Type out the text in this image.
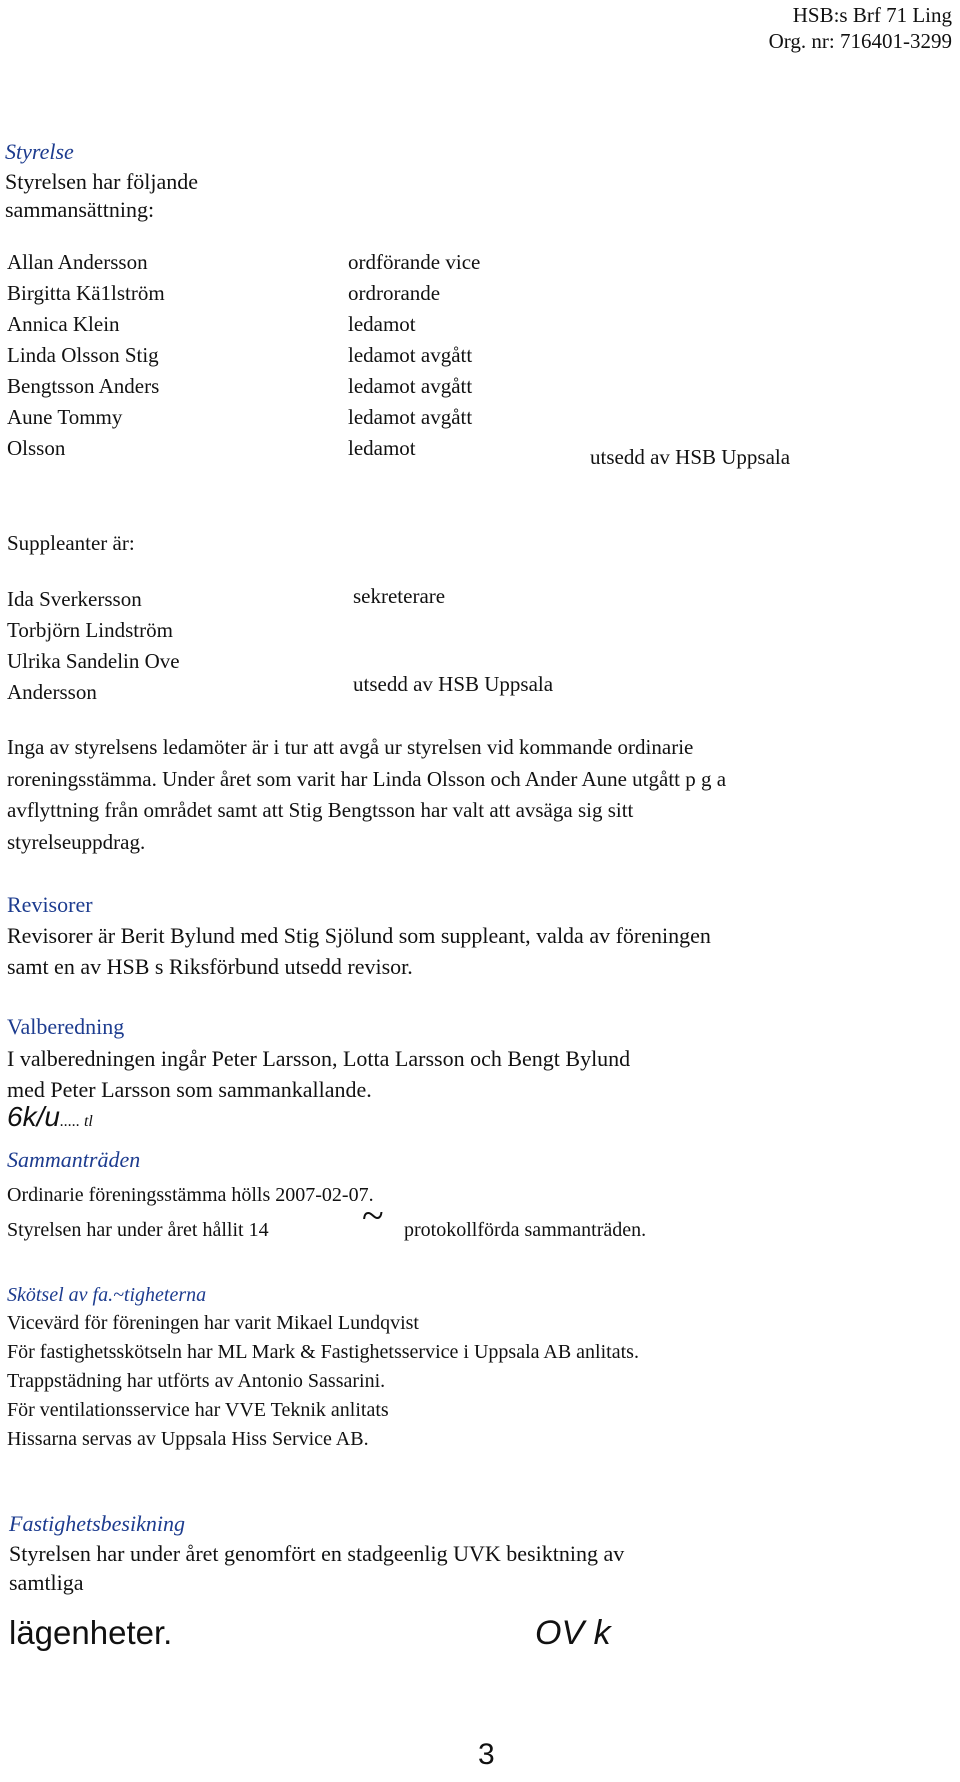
HSB:s Brf 71 Ling
Org. nr: 716401-3299
Styrelse
Styrelsen har följande
sammansättning:
Allan Andersson
Birgitta Kä1lström
Annica Klein
Linda Olsson Stig
Bengtsson Anders
Aune Tommy
Olsson
ordförande vice
ordrorande
ledamot
ledamot avgått
ledamot avgått
ledamot avgått
ledamot	utsedd av HSB Uppsala
Suppleanter är:
Ida Sverkersson
Torbjörn Lindström
Ulrika Sandelin Ove
Andersson
sekreterare
utsedd av HSB Uppsala
Inga av styrelsens ledamöter är i tur att avgå ur styrelsen vid kommande ordinarie
roreningsstämma. Under året som varit har Linda Olsson och Ander Aune utgått p g a
avflyttning från området samt att Stig Bengtsson har valt att avsäga sig sitt
styrelseuppdrag.
Revisorer
Revisorer är Berit Bylund med Stig Sjölund som suppleant, valda av föreningen
samt en av HSB s Riksförbund utsedd revisor.
Valberedning
I valberedningen ingår Peter Larsson, Lotta Larsson och Bengt Bylund
med Peter Larsson som sammankallande.
6k/u..... tl
Sammanträden
Ordinarie föreningsstämma hölls 2007-02-07.
Styrelsen har under året hållit 14 ~ protokollförda sammanträden.
Skötsel av fa.~tigheterna
Vicevärd för föreningen har varit Mikael Lundqvist
För fastighetsskötseln har ML Mark & Fastighetsservice i Uppsala AB anlitats.
Trappstädning har utförts av Antonio Sassarini.
För ventilationsservice har VVE Teknik anlitats
Hissarna servas av Uppsala Hiss Service AB.
Fastighetsbesikning
Styrelsen har under året genomfört en stadgeenlig UVK besiktning av
samtliga
lägenheter.	OV k
3
